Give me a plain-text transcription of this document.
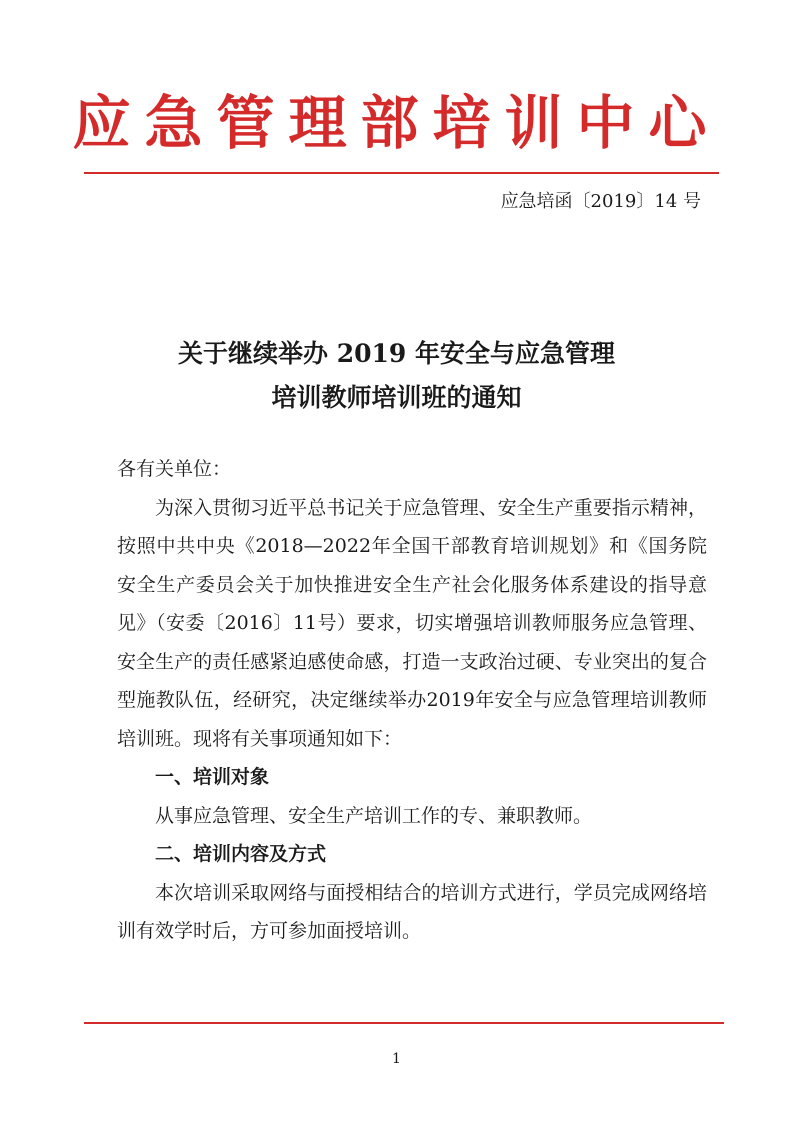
应急管理部培训中心
应急培函〔2019〕14 号
关于继续举办 2019 年安全与应急管理
培训教师培训班的通知

各有关单位：

为深入贯彻习近平总书记关于应急管理、安全生产重要指示精神，按照中共中央《2018—2022年全国干部教育培训规划》和《国务院安全生产委员会关于加快推进安全生产社会化服务体系建设的指导意见》（安委〔2016〕11号）要求，切实增强培训教师服务应急管理、安全生产的责任感紧迫感使命感，打造一支政治过硬、专业突出的复合型施教队伍，经研究，决定继续举办2019年安全与应急管理培训教师培训班。现将有关事项通知如下：

一、培训对象

从事应急管理、安全生产培训工作的专、兼职教师。

二、培训内容及方式

本次培训采取网络与面授相结合的培训方式进行，学员完成网络培训有效学时后，方可参加面授培训。

1
